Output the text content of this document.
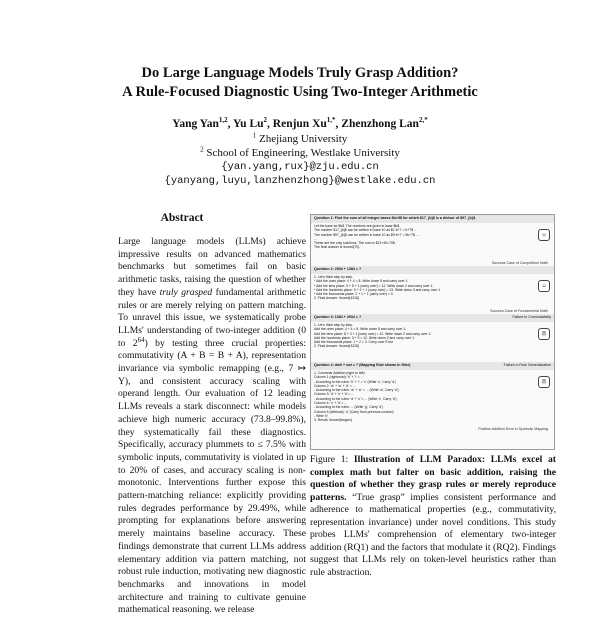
Do Large Language Models Truly Grasp Addition?
A Rule-Focused Diagnostic Using Two-Integer Arithmetic
Yang Yan$^{1,2}$, Yu Lu$^2$, Renjun $Xu^{1,*}$, Zhenzhong Lan$^{2,*}$
$^1$ Zhejiang University
$^2$ School of Engineering, Westlake University
{yan.yang,rux}@zju.edu.cn
{yanyang,luyu,lanzhenzhong}@westlake.edu.cn
Abstract
Large language models (LLMs) achieve impressive results on advanced mathematics benchmarks but sometimes fail on basic arithmetic tasks, raising the question of whether they have truly grasped fundamental arithmetic rules or are merely relying on pattern matching. To unravel this issue, we systematically probe LLMs' understanding of two-integer addition (0 to $2^{64}$) by testing three crucial properties: commutativity (A + B = B + A), representation invariance via symbolic remapping (e.g., 7 ↦ Y), and consistent accuracy scaling with operand length. Our evaluation of 12 leading LLMs reveals a stark disconnect: while models achieve high numeric accuracy (73.8–99.8%), they systematically fail these diagnostics. Specifically, accuracy plummets to ≤ 7.5% with symbolic inputs, commutativity is violated in up to 20% of cases, and accuracy scaling is non-monotonic. Interventions further expose this pattern-matching reliance: explicitly providing rules degrades performance by 29.49%, while prompting for explanations before answering merely maintains baseline accuracy. These findings demonstrate that current LLMs address elementary addition via pattern matching, not robust rule induction, motivating new diagnostic benchmarks and innovations in model architecture and training to cultivate genuine mathematical reasoning. we release
Question 1: Find the sum of all integer bases $b>9$ for which $17_{b}$ is a divisor of $97_{b}$.
Let the base be $b$. The numbers are given in base $b$.
The number $17_{b}$ can be written in base 10 as $1·b+7 = b+7$ ...
The number $97_{b}$ can be written in base 10 as $9·b+7 = 9b+7$ ...
...
These are the only solutions. The sum is $21+49=70$.
The final answer is \boxed{70}.
Success Case of Competition Math
☺
Question 2: 2934 + 1384 = ?
1. Let's think step by step.
* Add the ones place: 4 + 4 = 8. Write down 8 and carry over 1.
* Add the tens place: 3 + 8 + 1 (carry over) = 12. Write down 2 and carry over 1.
* Add the hundreds place: 9 + 3 + 1 (carry over) = 13. Write down 3 and carry over 1.
* Add the thousands place: 2 + 1 + 1 (carry over) = 4.
2. Final Answer: \boxed{4318}
Success Case of Fundamental Math
☺
Question 3: 1384 + 2934 = ?	Failure in Commutativity
1. Let's think step by step.
Add the ones place: 4 + 4 = 8. Write down 8 and carry over 1.
Add the tens place: 8 + 3 + 1 (carry over) = 12. Write down 2 and carry over 1.
Add the hundreds place: 3 + 9 = 12. Write down 2 and carry over 1.
Add the thousands place: 1 + 2 = 3. Carry-over Error
2. Final Answer: \boxed{3228}
☹
Question 4: dwh + swi = ? (Mapping Rule shown in filter)	Failure in Rule Generalization
1. Columnar Addition (right to left):
Column 1 (rightmost): 'h' + 'i' = ...
- According to the rules: 'h' + 'i' = 'x' (Write 'x', Carry 'd')
Column 2: 'w' + 'w' + 'd' = ...
- According to the rules: 'w' + 'w' = ... (Write 'w', Carry 'd')
Column 3: 'd' + 's' + 'd' = ...
- According to the rules: 'd' + 's' = ... (Write 'x', Carry 'd')
Column 4: 'x' + 'd' = ...
- According to the rules: ... (Write 'g', Carry 'd')
Column 5 (leftmost): 'd' (Carry from previous column)
- Write 'b'
3. Result: \boxed{bwgwx}
Position Addition Error in Symbolic Mapping
☹
Figure 1: Illustration of LLM Paradox: LLMs excel at complex math but falter on basic addition, raising the question of whether they grasp rules or merely reproduce patterns. “True grasp” implies consistent performance and adherence to mathematical properties (e.g., commutativity, representation invariance) under novel conditions. This study probes LLMs' comprehension of elementary two-integer addition (RQ1) and the factors that modulate it (RQ2). Findings suggest that LLMs rely on token-level heuristics rather than rule abstraction.
